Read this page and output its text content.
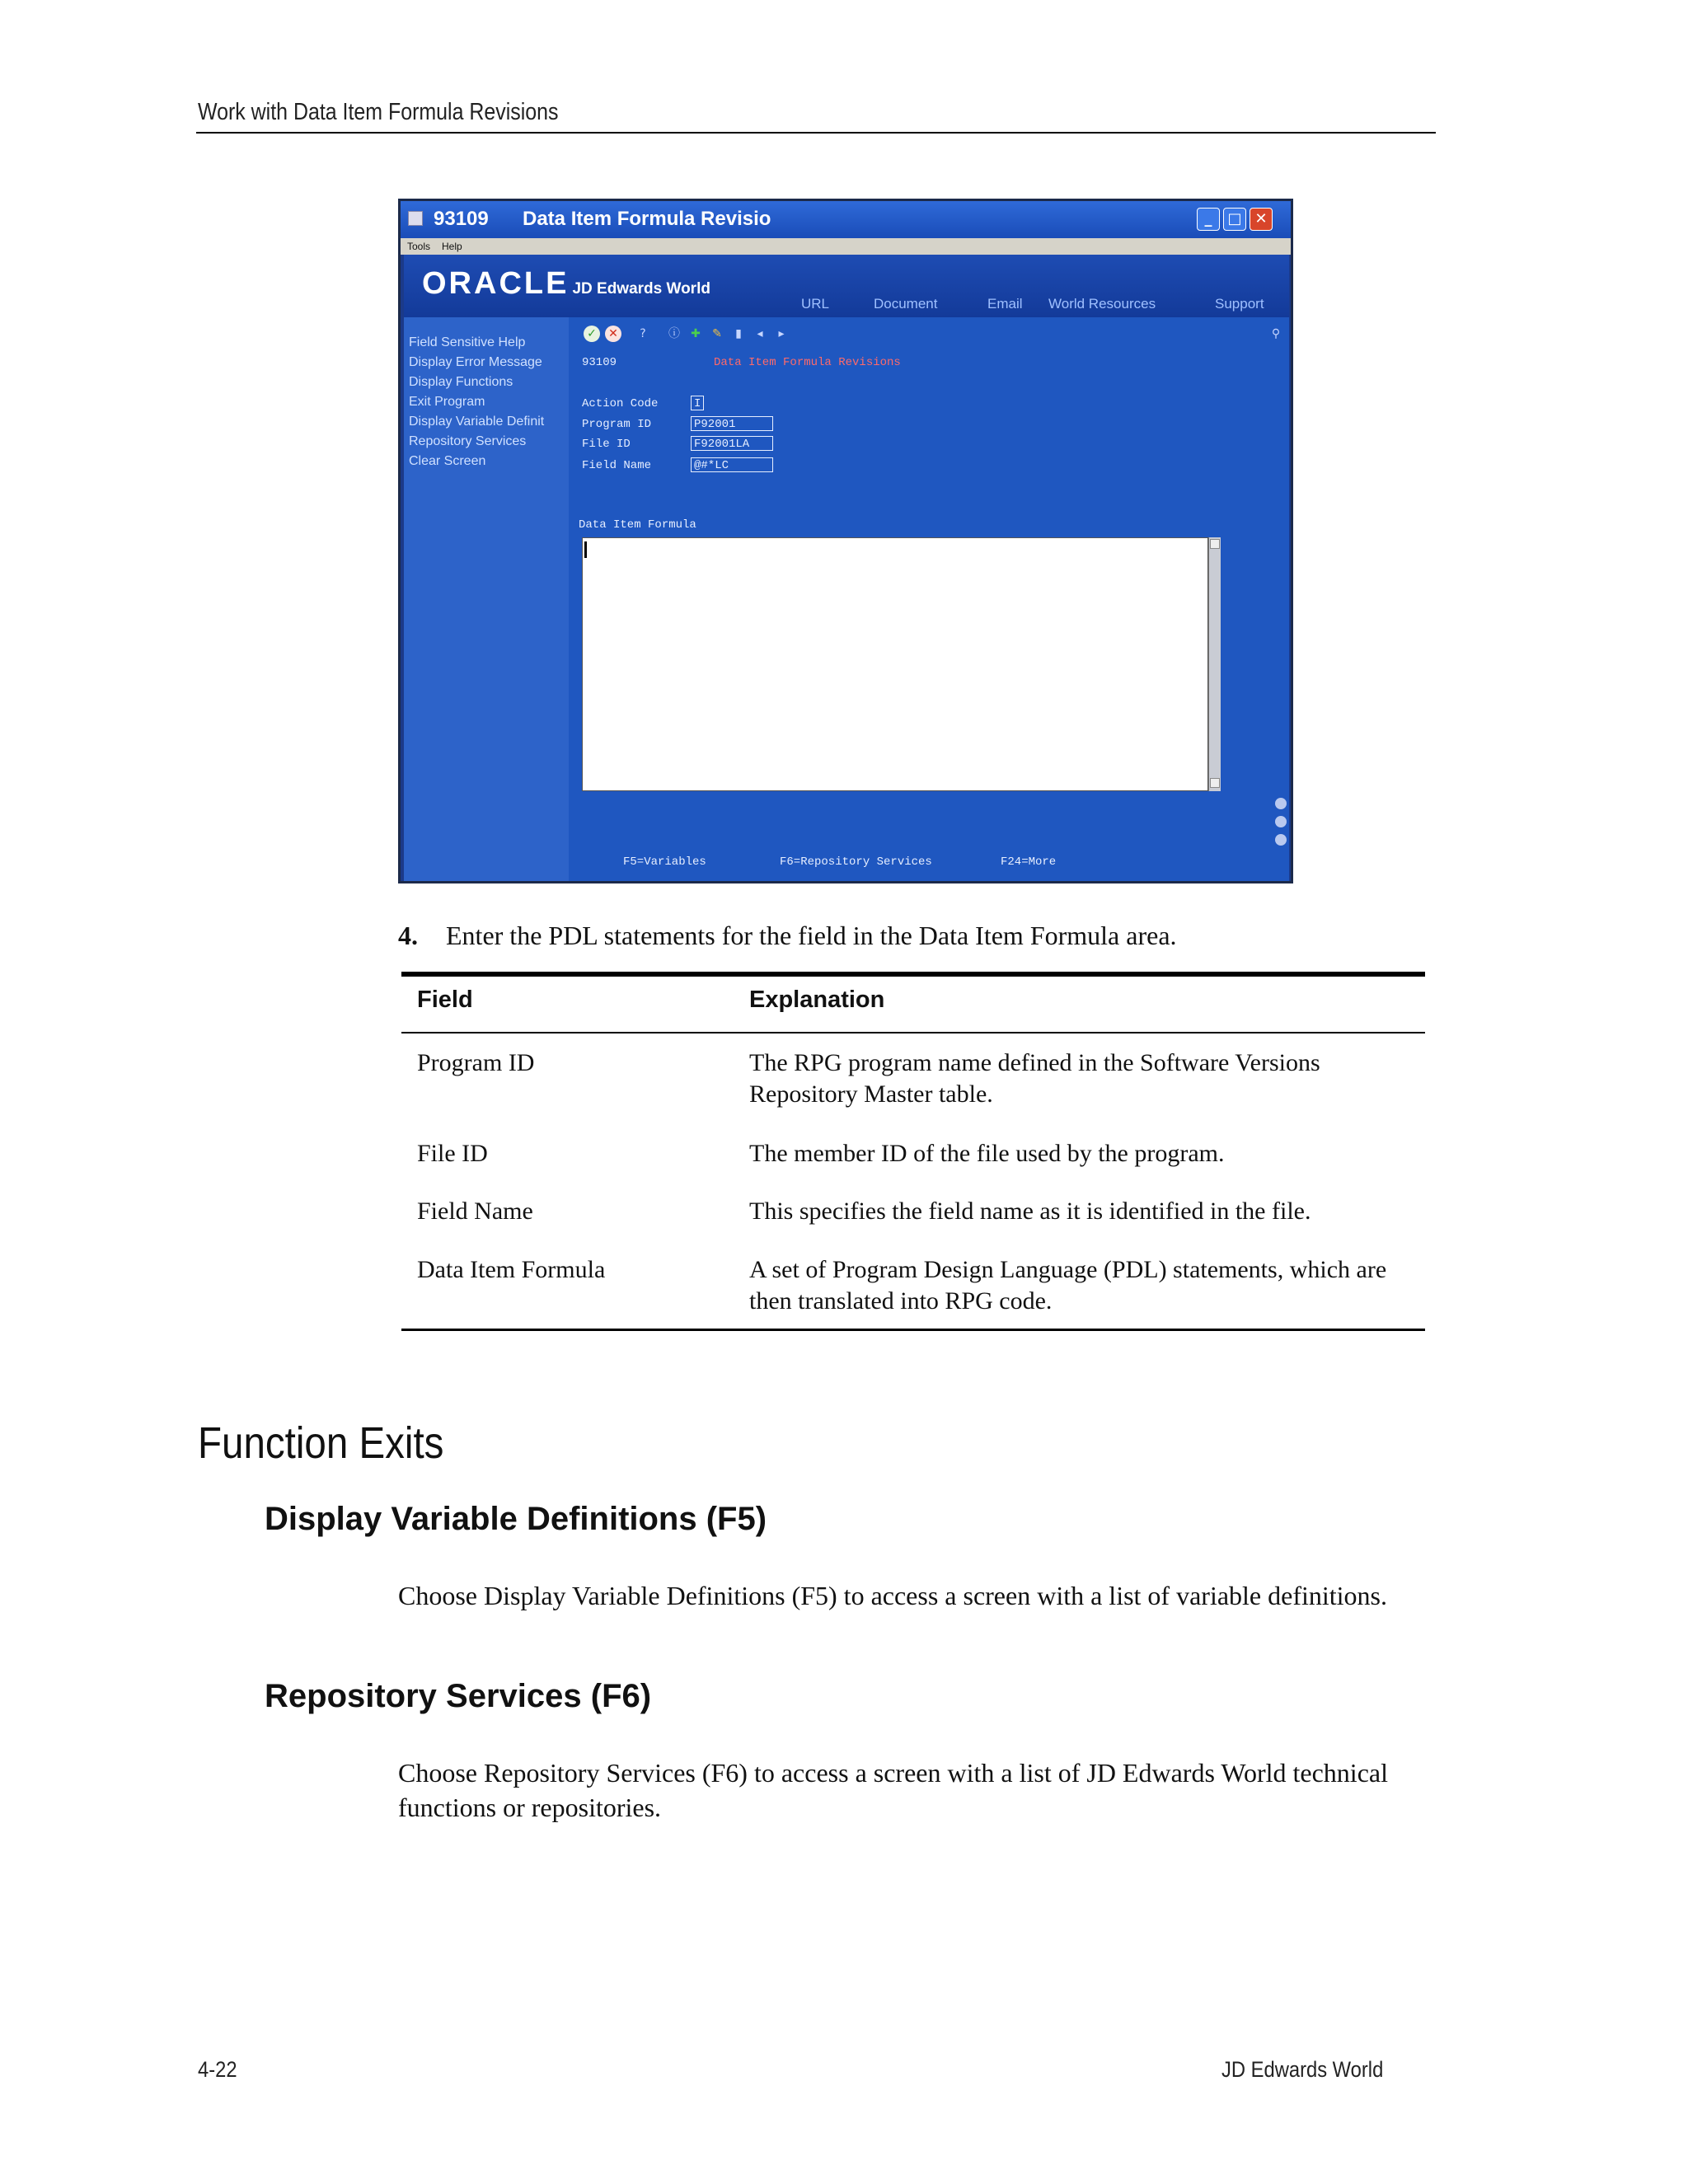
Work with Data Item Formula Revisions
93109 Data Item Formula Revisio	_	□ ✕
Tools Help
ORACLE JD Edwards World
URL	Document	Email World Resources	Support
Field Sensitive Help
Display Error Message
Display Functions
Exit Program
Display Variable Definit
Repository Services
Clear Screen
✓ ✕	?	ⓘ ✚ ✎	▮	◂	▸	⚲
93109	Data Item Formula Revisions
Action Code	I
Program ID	P92001
File ID	F92001LA
Field Name	@#*LC
Data Item Formula
F5=Variables	F6=Repository Services	F24=More
4. Enter the PDL statements for the field in the Data Item Formula area.
Field	Explanation
Program ID	The RPG program name defined in the Software Versions Repository Master table.
File ID	The member ID of the file used by the program.
Field Name	This specifies the field name as it is identified in the file.
Data Item Formula	A set of Program Design Language (PDL) statements, which are then translated into RPG code.
Function Exits
Display Variable Definitions (F5)
Choose Display Variable Definitions (F5) to access a screen with a list of variable definitions.
Repository Services (F6)
Choose Repository Services (F6) to access a screen with a list of JD Edwards World technical functions or repositories.
4-22	JD Edwards World
